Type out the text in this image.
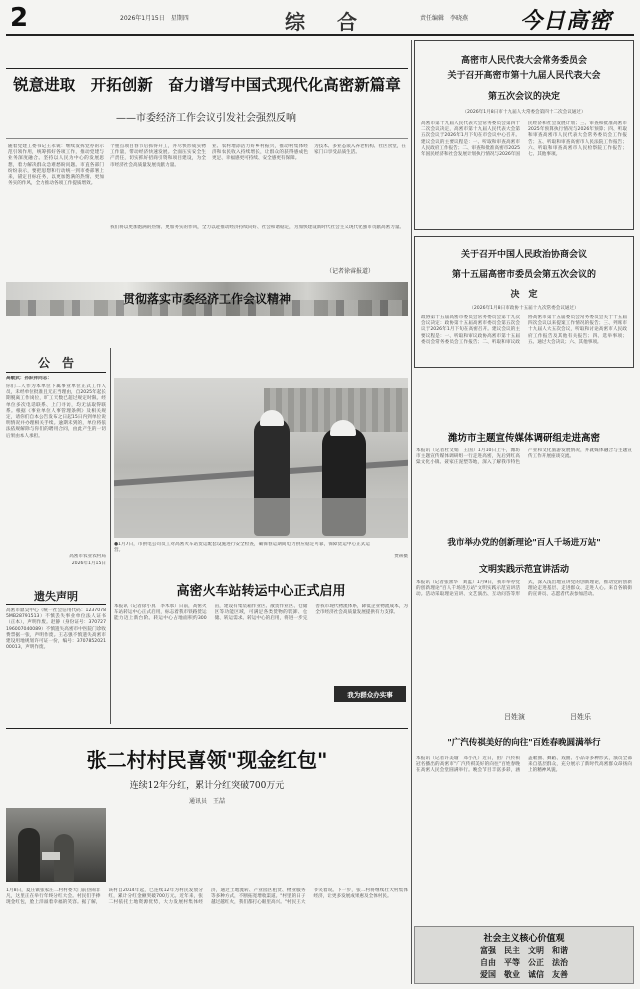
2	2026年1月15日　星期四	综　合	责任编辑　李晓燕 今日高密
锐意进取　开拓创新　奋力谱写中国式现代化高密新篇章
——市委经济工作会议引发社会强烈反响
随着党建工委书记王永锐：继续发挥党办的示范引领作用，统筹抓好各项工作，推动党建与业务深度融合。坚持以人民为中心的发展思想，着力解决群众急难愁盼问题。市直各部门纷纷表示，要把思想和行动统一到市委部署上来，锚定目标任务，以更加饱满的热情、更加务实的作风，全力推动各项工作提质增效。
个重点项目春节后抓得开工，并尽快形成实物工作量，带动经济快速发展。全面压实安全生产责任，切实抓好招商引资和项目建设，为全市经济社会高质量发展贡献力量。
业、农村增添活力好乡村振兴，推动村集体经济和农民收入持续增长，让群众的获得感成色更足、幸福感更可持续、安全感更有保障。
为技术、多业态嵌入养老机构、社区食堂，在家门口享受品质生活。
我们将以更加饱满的热情、更加务实的作风，全力以赴推动经济持续向好、社会和谐稳定，为加快建设新时代社会主义现代化强市贡献高密力量。
（记者徐睿报道）
贯彻落实市委经济工作会议精神
高密市人民代表大会常务委员会
关于召开高密市第十九届人民代表大会
第五次会议的决定
（2026年1月8日市十九届人大常委会第四十二次会议通过）
高密市第十九届人民代表大会常务委员会第四十二次会议决定，高密市第十九届人民代表大会第五次会议于2026年1月下旬在市会议中心召开。建议会议的主要议程是：一、听取和审查高密市人民政府工作报告；二、审查和批准高密市2025年国民经济和社会发展计划执行情况与2026年国民经济和社会发展计划；三、审查和批准高密市2025年预算执行情况与2026年预算；四、听取和审查高密市人民代表大会常务委员会工作报告；五、听取和审查高密市人民法院工作报告；六、听取和审查高密市人民检察院工作报告；七、其他事项。
关于召开中国人民政治协商会议
第十五届高密市委员会第五次会议的
决　定
（2026年1月8日市政协十五届十九次常委会议通过）
政协第十五届高密市委员会常务委员会第十九次会议决定：政协第十五届高密市委员会第五次会议于2026年1月下旬在高密召开。建议会议的主要议程是：一、听取和审议政协高密市第十五届委员会常务委员会工作报告；二、听取和审议政协高密市第十五届委员会常务委员会关于十五届四次会议以来提案工作情况的报告；三、列席市十九届人大五次会议，听取和讨论高密市人民政府工作报告及其他有关报告；四、选举事项；五、通过大会决议；六、其他事项。
公　告
高敏武：孙跃祥同志：
你们二人作为本单位下属事业单位正式工作人员，未经单位批准且无正当理由，自2025年起长期脱离工作岗位，旷工天数已超过规定时限。经单位多次电话联系、上门寻访，均无法取得联系。根据《事业单位人事管理条例》及相关规定，请你们自本公告发布之日起15日内到单位说明情况并办理相关手续。逾期未到的，单位将依法依规解除与你们的聘用合同，由此产生的一切后果由本人承担。
高密市农业农村局
2026年1月15日
遗失声明
高密市鼎昊中心（统一社会信用代码：12370785MB28791513）不慎丢失事业单位法人证书（正本），声明作废。赵静（身份证号：370727196007040089）不慎遗失高密市中医院门诊收费票据一张，声明作废。王志强不慎遗失高密市建设用地规划许可证一份，编号：370785202100013，声明作废。
●1月7日，市供电公司员工对高密火车站货运配套设施进行安全检查，确保春运期间电力供应稳定可靠，保障货运中心正式运营。
贾犇摄
高密火车站转运中心正式启用
本报讯（记者徐小真　李术承）日前，高密火车站转运中心正式启用，标志着我市铁路货运能力迈上新台阶。转运中心占地面积约300亩，建设有集装箱作业区、散货作业区、仓储区等功能区域，可满足各类货物的装卸、仓储、转运需求。转运中心的启用，将进一步完善我市现代物流体系，降低企业物流成本，为全市经济社会高质量发展提供有力支撑。
我为群众办实事
潍坊市主题宣传媒体调研组走进高密
本报讯（记者杜文娟　王国）1月10日上午，潍坊市主题宣传媒体调研组一行走进高密，先后到红高粱文化小镇、聂家庄泥塑等地，深入了解我市特色产业和文化旅游发展情况，并就媒体融合与主题宣传工作开展座谈交流。
我市举办党的创新理论"百人千场进万站"
文明实践示范宣讲活动
本报讯（记者张蕾华　刘蓝）1月9日，我市举办党的创新理论"百人千场进万站"文明实践示范宣讲活动。活动采取理论宣讲、文艺演出、互动问答等形式，深入浅出地宣讲党的创新理论，推动党的创新理论走进基层、走进群众、走进人心。来自各镇街的宣讲员、志愿者代表参加活动。
吕姓演	吕姓乐
"广汽传祺美好的向往"百姓春晚圆满举行
本报讯（记者许美瑜　邓小凡）近日，由广汽传祺冠名播出的高密市"广汽传祺美好的向往"百姓春晚在高密人民会堂圆满举行。晚会节目丰富多彩，涵盖歌曲、舞蹈、戏曲、小品等多种形式，演员全部来自基层群众，充分展示了新时代高密群众昂扬向上的精神风貌。
张二村村民喜领"现金红包"
连续12年分红，累计分红突破700万元
通讯员　王喆
1月8日，夏庄镇张家庄二村村委大门前热闹非凡，这里正在举行年终分红大会。村民们手捧现金红包，脸上洋溢着幸福的笑容。据了解，该村自2014年起，已连续12年为村民发放分红，累计分红金额突破700万元。近年来，张二村依托土地资源优势，大力发展村集体经济，通过土地流转、产业园区租赁、物业服务等多种方式，不断拓宽增收渠道。"村里的日子越过越红火，我们都打心眼里高兴。"村民王大爷笑着说。下一步，张二村将继续壮大村集体经济，让更多发展成果惠及全体村民。
社会主义核心价值观
富强　民主　文明　和谐
自由　平等　公正　法治
爱国　敬业　诚信　友善
